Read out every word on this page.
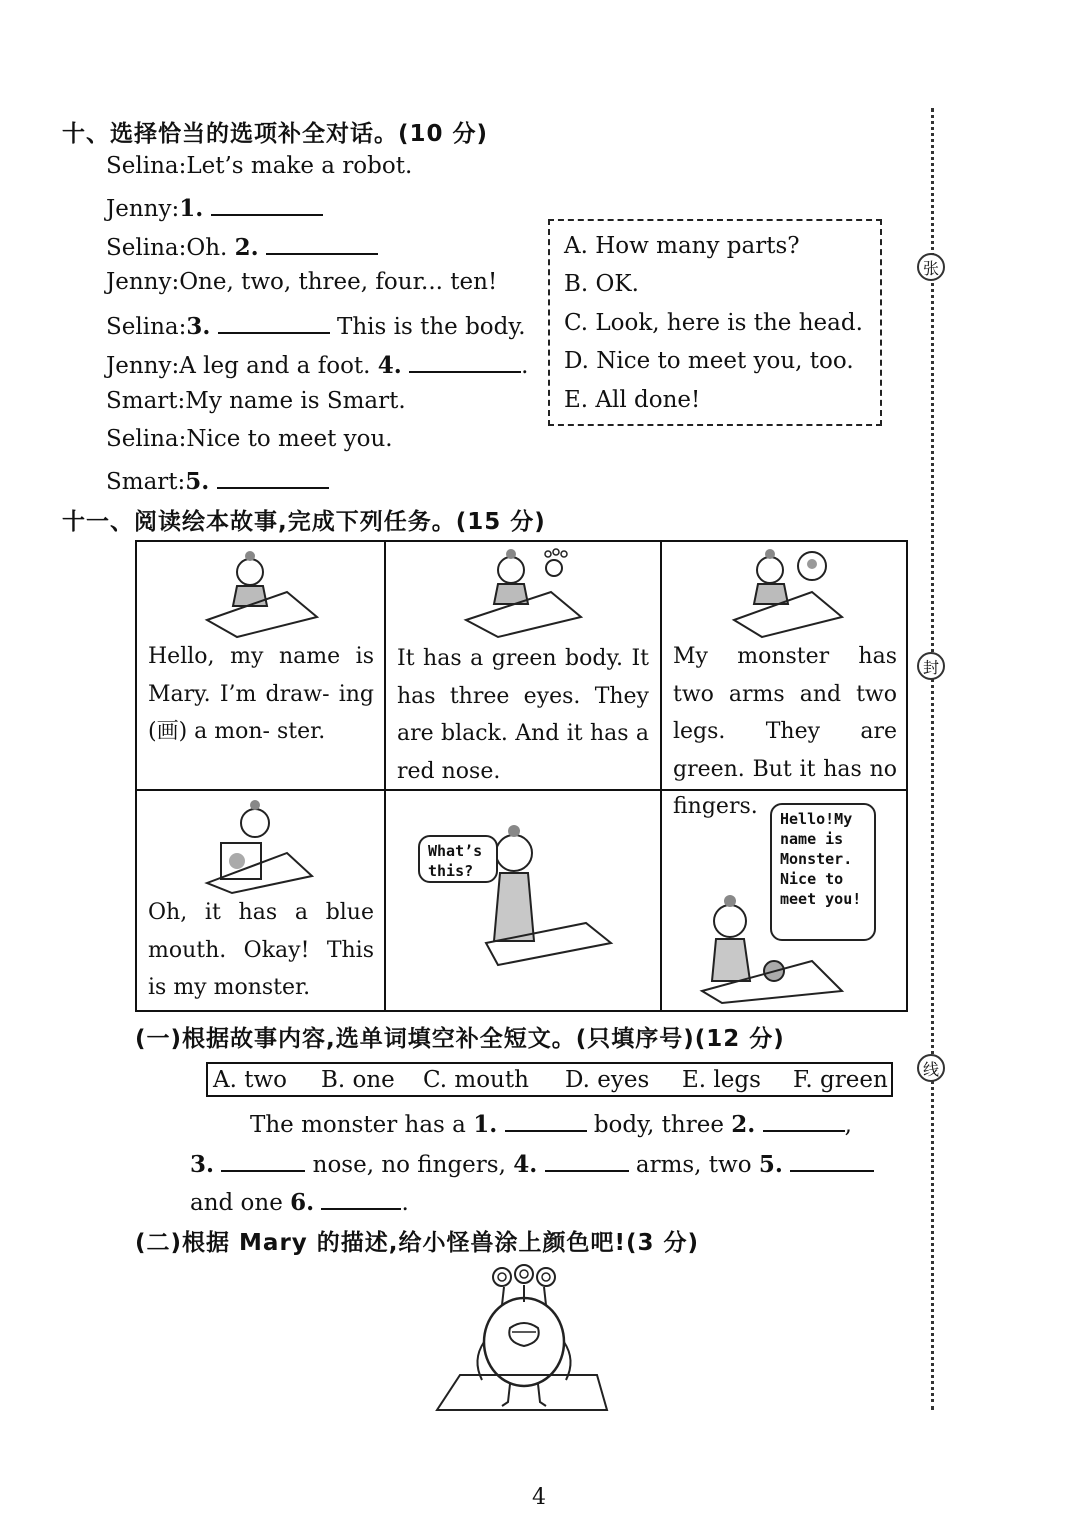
十、选择恰当的选项补全对话。(10 分)
Selina:Let’s make a robot.
Jenny:1.
Selina:Oh. 2.
Jenny:One, two, three, four... ten!
Selina:3.	This is the body.
Jenny:A leg and a foot. 4.	.
Smart:My name is Smart.
Selina:Nice to meet you.
Smart:5.
A. How many parts?
B. OK.
C. Look, here is the head.
D. Nice to meet you, too.
E. All done!
张
封
线
十一、阅读绘本故事,完成下列任务。(15 分)
Hello, my name is Mary. I’m draw- ing (画) a mon- ster.
It has a green body. It has three eyes. They are black. And it has a red nose.
My monster has two arms and two legs. They are green. But it has no fingers.
Oh, it has a blue mouth. Okay! This is my monster.
What’s this?
Hello!My name is Monster. Nice to meet you!
(一)根据故事内容,选单词填空补全短文。(只填序号)(12 分)
A. two B. one C. mouth D. eyes E. legs F. green
The monster has a 1.	body, three 2.	,
3.	nose, no fingers, 4.	arms, two 5.
and one 6.	.
(二)根据 Mary 的描述,给小怪兽涂上颜色吧!(3 分)
4
